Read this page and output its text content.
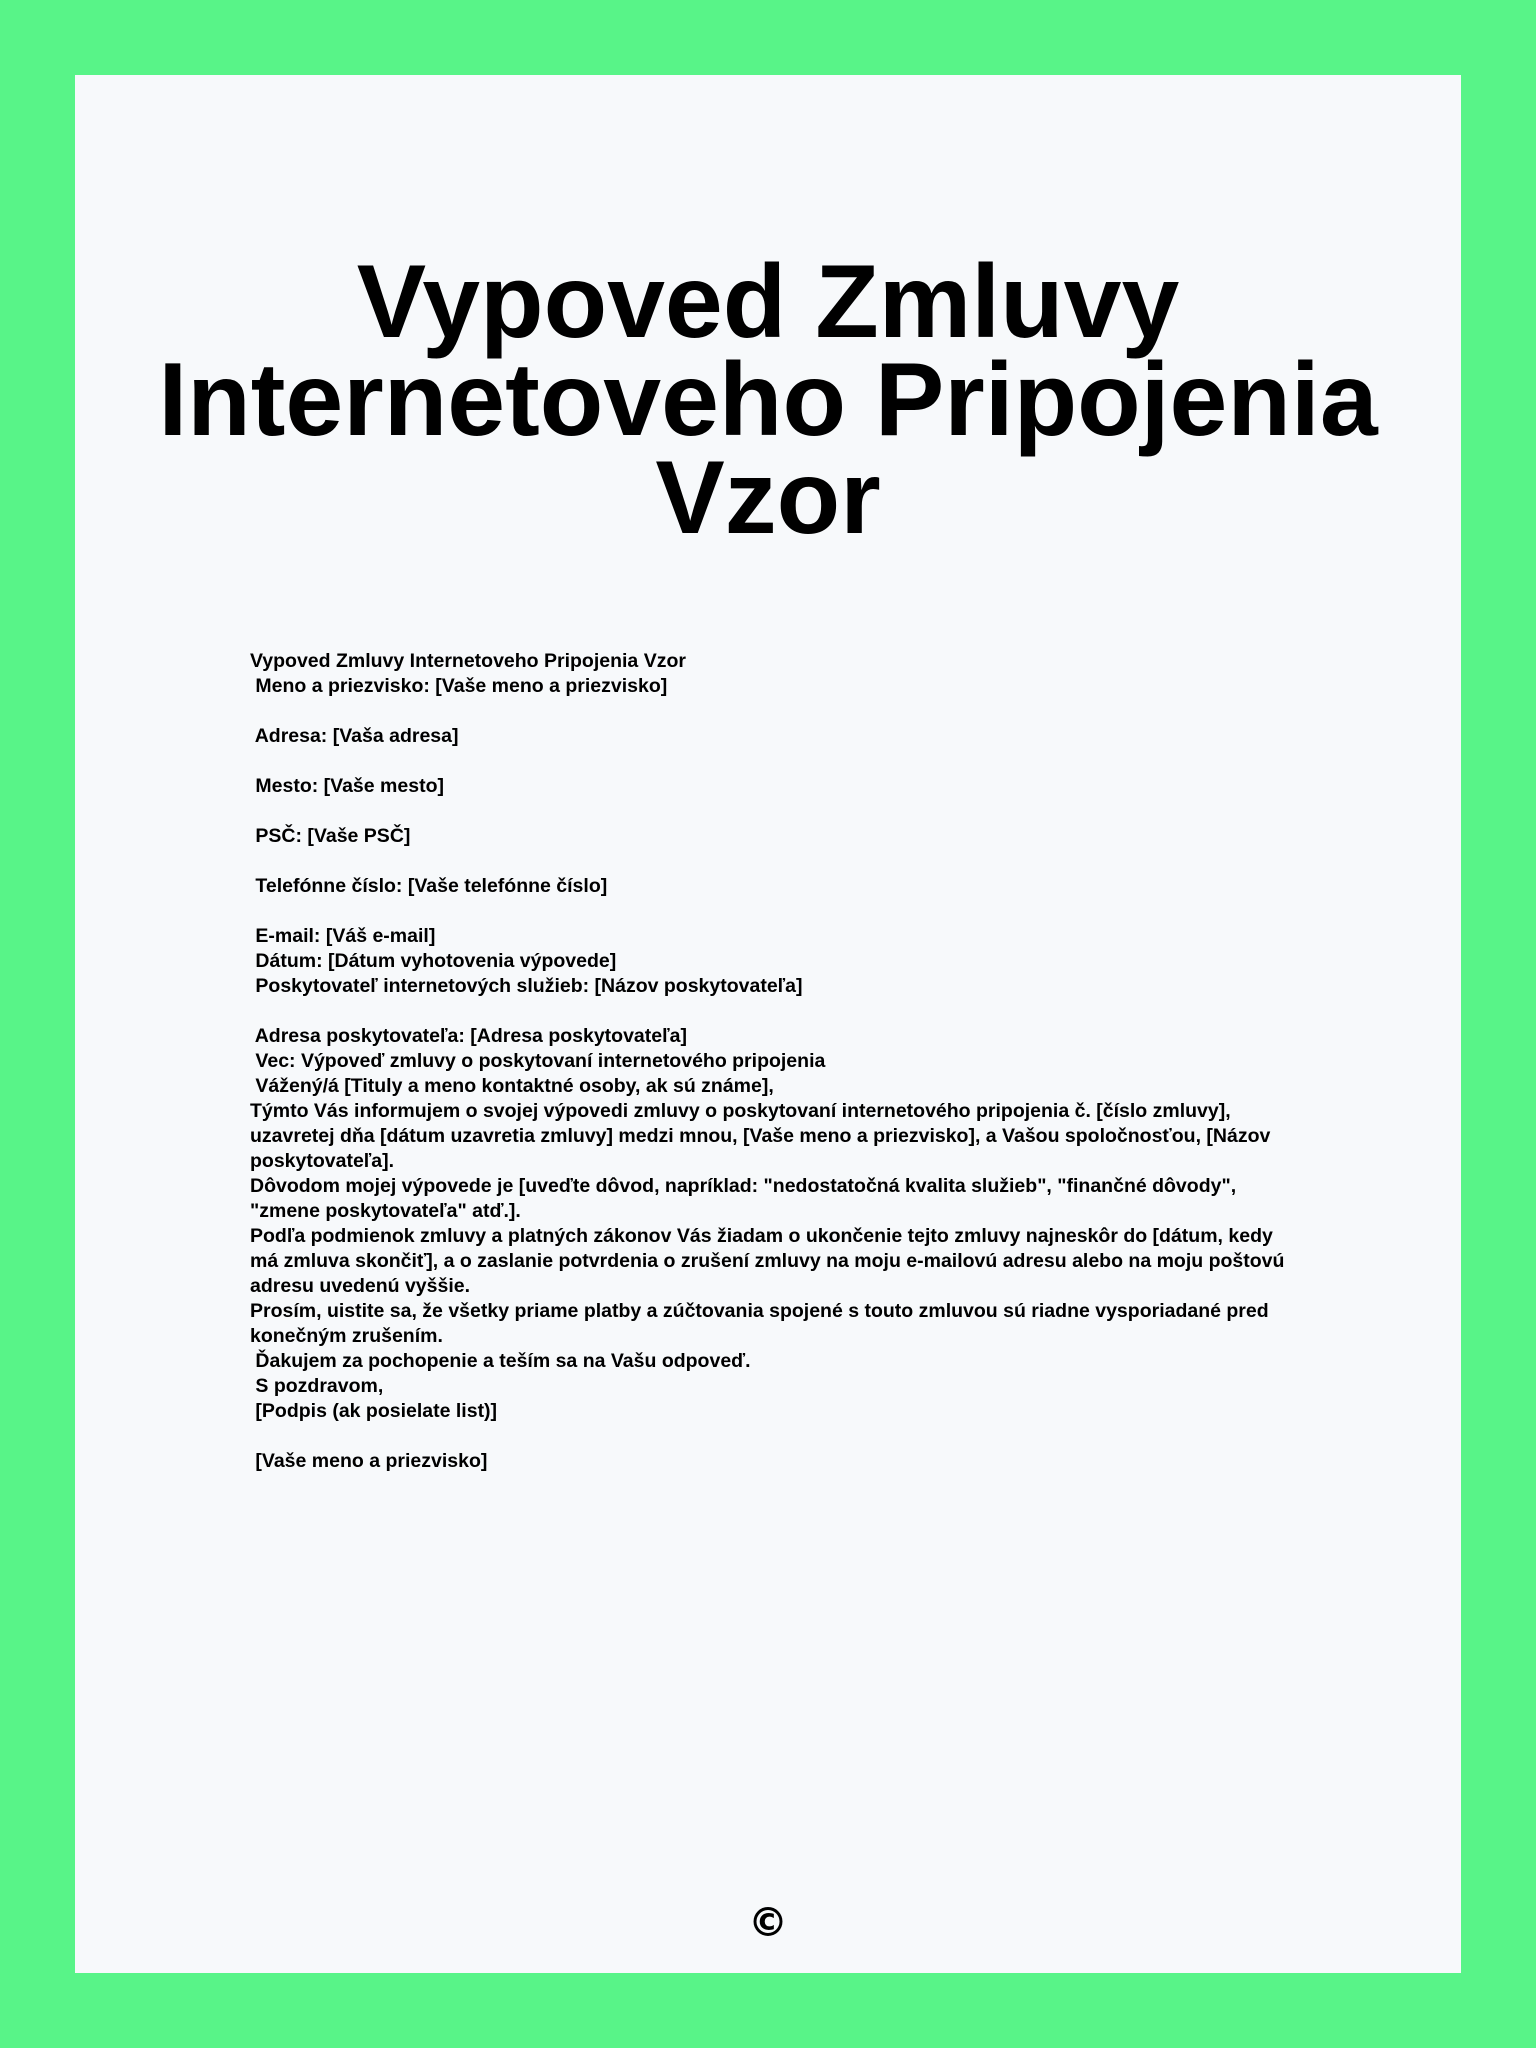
Vypoved Zmluvy
Internetoveho Pripojenia
Vzor
Vypoved Zmluvy Internetoveho Pripojenia Vzor
Meno a priezvisko: [Vaše meno a priezvisko]
Adresa: [Vaša adresa]
Mesto: [Vaše mesto]
PSČ: [Vaše PSČ]
Telefónne číslo: [Vaše telefónne číslo]
E-mail: [Váš e-mail]
Dátum: [Dátum vyhotovenia výpovede]
Poskytovateľ internetových služieb: [Názov poskytovateľa]
Adresa poskytovateľa: [Adresa poskytovateľa]
Vec: Výpoveď zmluvy o poskytovaní internetového pripojenia
Vážený/á [Tituly a meno kontaktné osoby, ak sú známe],
Týmto Vás informujem o svojej výpovedi zmluvy o poskytovaní internetového pripojenia č. [číslo zmluvy], uzavretej dňa [dátum uzavretia zmluvy] medzi mnou, [Vaše meno a priezvisko], a Vašou spoločnosťou, [Názov poskytovateľa].
Dôvodom mojej výpovede je [uveďte dôvod, napríklad: "nedostatočná kvalita služieb", "finančné dôvody", "zmene poskytovateľa" atď.].
Podľa podmienok zmluvy a platných zákonov Vás žiadam o ukončenie tejto zmluvy najneskôr do [dátum, kedy má zmluva skončiť], a o zaslanie potvrdenia o zrušení zmluvy na moju e-mailovú adresu alebo na moju poštovú adresu uvedenú vyššie.
Prosím, uistite sa, že všetky priame platby a zúčtovania spojené s touto zmluvou sú riadne vysporiadané pred konečným zrušením.
Ďakujem za pochopenie a teším sa na Vašu odpoveď.
S pozdravom,
[Podpis (ak posielate list)]
[Vaše meno a priezvisko]
©
